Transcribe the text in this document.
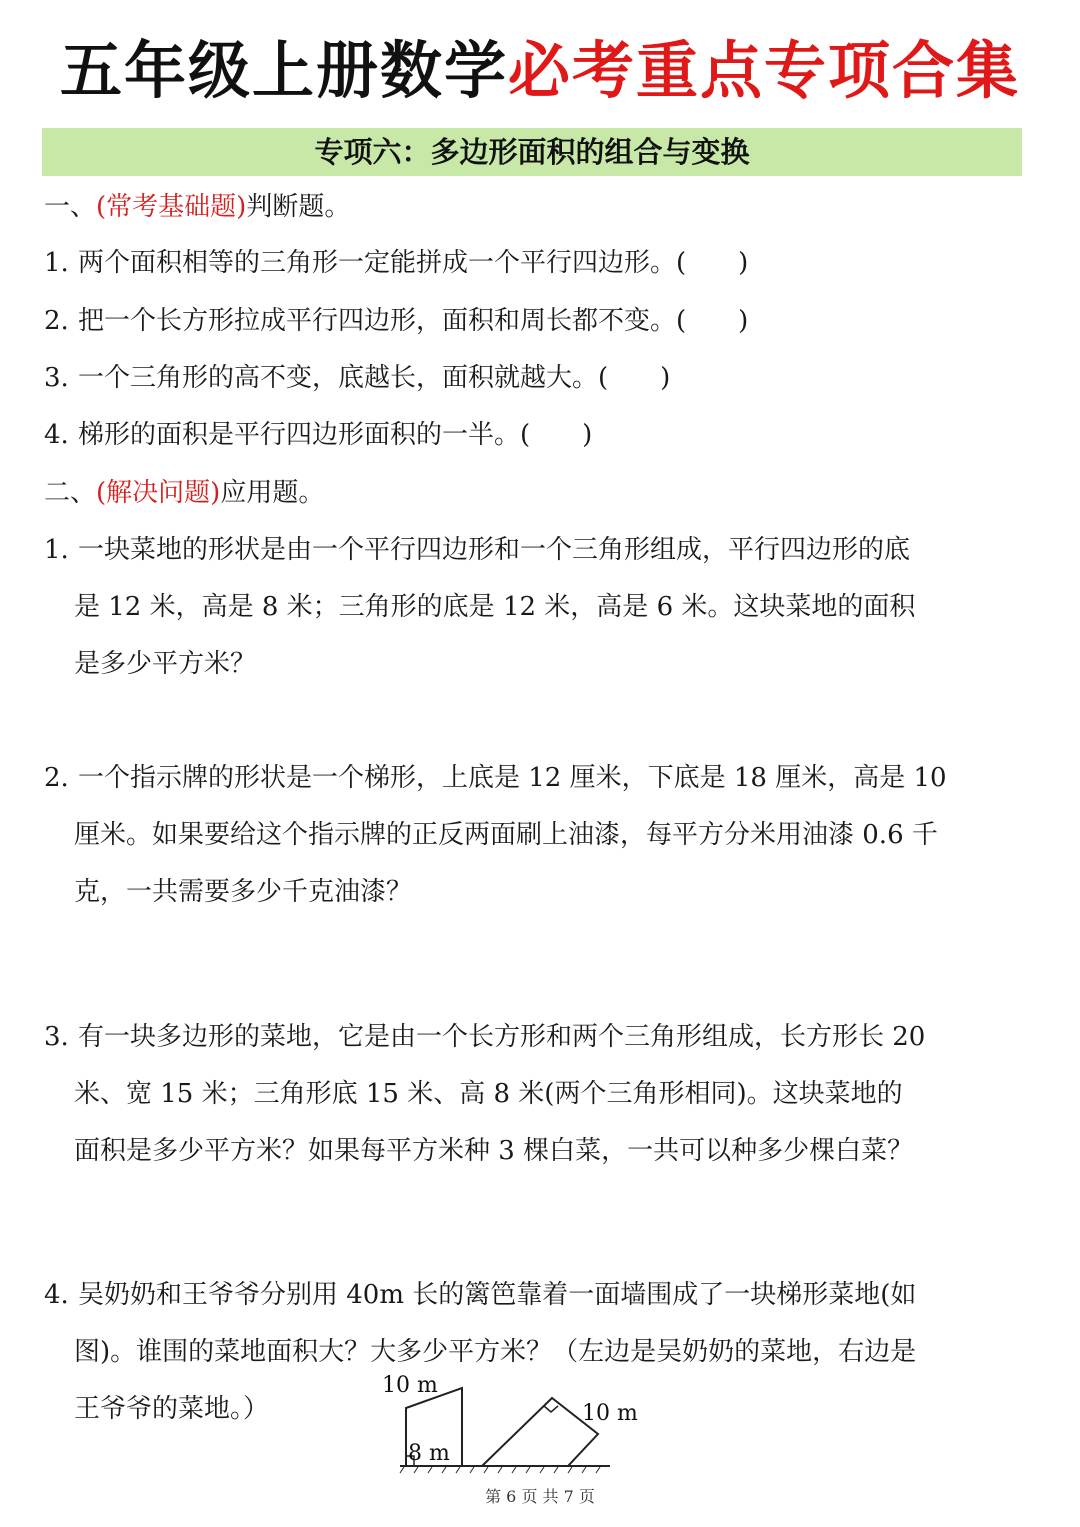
五年级上册数学必考重点专项合集
专项六：多边形面积的组合与变换
一、(常考基础题)判断题。
1. 两个面积相等的三角形一定能拼成一个平行四边形。(　　)
2. 把一个长方形拉成平行四边形，面积和周长都不变。(　　)
3. 一个三角形的高不变，底越长，面积就越大。(　　)
4. 梯形的面积是平行四边形面积的一半。(　　)
二、(解决问题)应用题。
1. 一块菜地的形状是由一个平行四边形和一个三角形组成，平行四边形的底
是 12 米，高是 8 米；三角形的底是 12 米，高是 6 米。这块菜地的面积
是多少平方米？
2. 一个指示牌的形状是一个梯形，上底是 12 厘米，下底是 18 厘米，高是 10
厘米。如果要给这个指示牌的正反两面刷上油漆，每平方分米用油漆 0.6 千
克，一共需要多少千克油漆？
3. 有一块多边形的菜地，它是由一个长方形和两个三角形组成，长方形长 20
米、宽 15 米；三角形底 15 米、高 8 米(两个三角形相同)。这块菜地的
面积是多少平方米？如果每平方米种 3 棵白菜，一共可以种多少棵白菜？
4. 吴奶奶和王爷爷分别用 40m 长的篱笆靠着一面墙围成了一块梯形菜地(如
图)。谁围的菜地面积大？大多少平方米？（左边是吴奶奶的菜地，右边是
王爷爷的菜地。）
10 m
8 m
10 m
第 6 页 共 7 页
